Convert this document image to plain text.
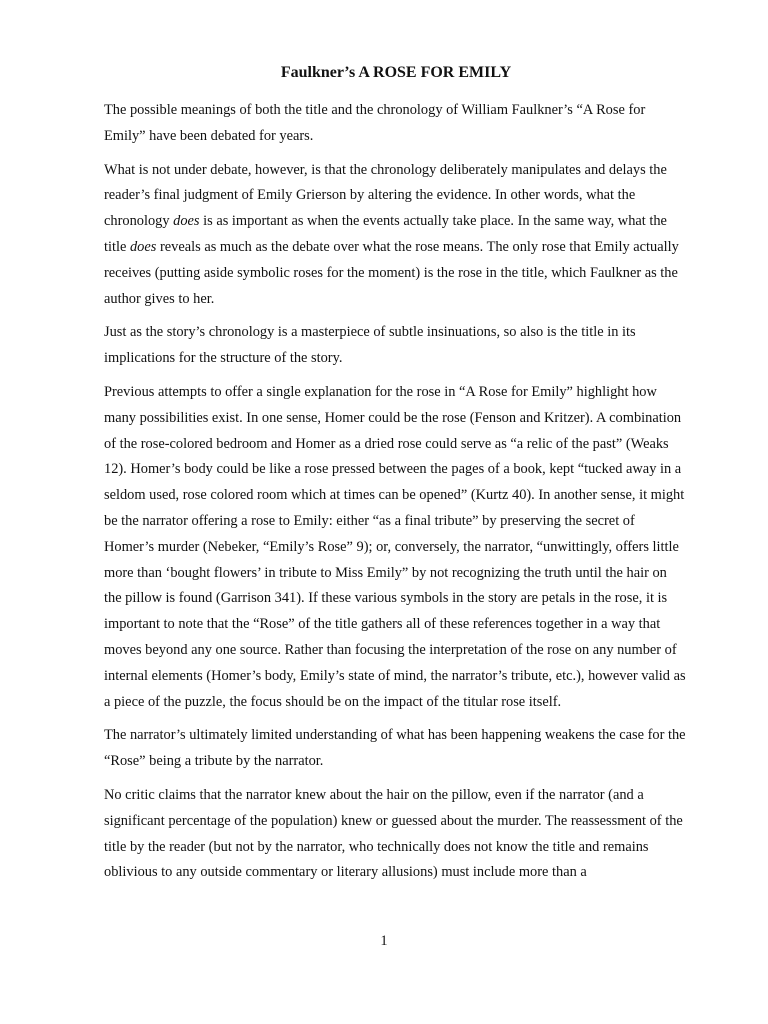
Faulkner’s A ROSE FOR EMILY

The possible meanings of both the title and the chronology of William Faulkner’s “A Rose for Emily” have been debated for years.

What is not under debate, however, is that the chronology deliberately manipulates and delays the reader’s final judgment of Emily Grierson by altering the evidence. In other words, what the chronology does is as important as when the events actually take place. In the same way, what the title does reveals as much as the debate over what the rose means. The only rose that Emily actually receives (putting aside symbolic roses for the moment) is the rose in the title, which Faulkner as the author gives to her.

Just as the story’s chronology is a masterpiece of subtle insinuations, so also is the title in its implications for the structure of the story.

Previous attempts to offer a single explanation for the rose in “A Rose for Emily” highlight how many possibilities exist. In one sense, Homer could be the rose (Fenson and Kritzer). A combination of the rose-colored bedroom and Homer as a dried rose could serve as “a relic of the past” (Weaks 12). Homer’s body could be like a rose pressed between the pages of a book, kept “tucked away in a seldom used, rose colored room which at times can be opened” (Kurtz 40). In another sense, it might be the narrator offering a rose to Emily: either “as a final tribute” by preserving the secret of Homer’s murder (Nebeker, “Emily’s Rose” 9); or, conversely, the narrator, “unwittingly, offers little more than ‘bought flowers’ in tribute to Miss Emily” by not recognizing the truth until the hair on the pillow is found (Garrison 341). If these various symbols in the story are petals in the rose, it is important to note that the “Rose” of the title gathers all of these references together in a way that moves beyond any one source. Rather than focusing the interpretation of the rose on any number of internal elements (Homer’s body, Emily’s state of mind, the narrator’s tribute, etc.), however valid as a piece of the puzzle, the focus should be on the impact of the titular rose itself.

The narrator’s ultimately limited understanding of what has been happening weakens the case for the “Rose” being a tribute by the narrator.

No critic claims that the narrator knew about the hair on the pillow, even if the narrator (and a significant percentage of the population) knew or guessed about the murder. The reassessment of the title by the reader (but not by the narrator, who technically does not know the title and remains oblivious to any outside commentary or literary allusions) must include more than a

1
